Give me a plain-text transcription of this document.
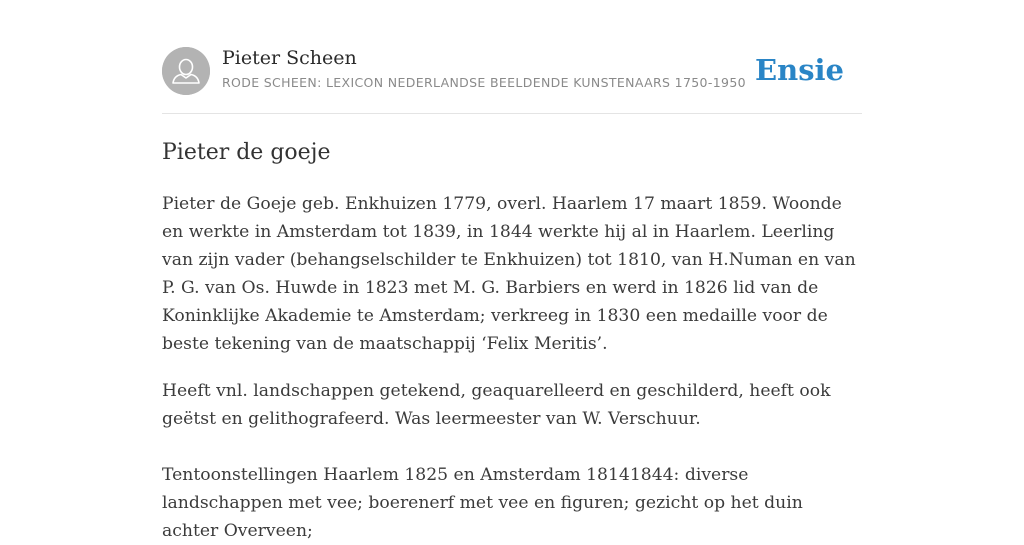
Pieter Scheen
RODE SCHEEN: LEXICON NEDERLANDSE BEELDENDE KUNSTENAARS 1750-1950 Ensie
Pieter de goeje

Pieter de Goeje geb. Enkhuizen 1779, overl. Haarlem 17 maart 1859. Woonde en werkte in Amsterdam tot 1839, in 1844 werkte hij al in Haarlem. Leerling van zijn vader (behangselschilder te Enkhuizen) tot 1810, van H.Numan en van P. G. van Os. Huwde in 1823 met M. G. Barbiers en werd in 1826 lid van de Koninklijke Akademie te Amsterdam; verkreeg in 1830 een medaille voor de beste tekening van de maatschappij ‘Felix Meritis’.

Heeft vnl. landschappen getekend, geaquarelleerd en geschilderd, heeft ook geëtst en gelithografeerd. Was leermeester van W. Verschuur.

Tentoonstellingen Haarlem 1825 en Amsterdam 18141844: diverse landschappen met vee; boerenerf met vee en figuren; gezicht op het duin achter Overveen;
